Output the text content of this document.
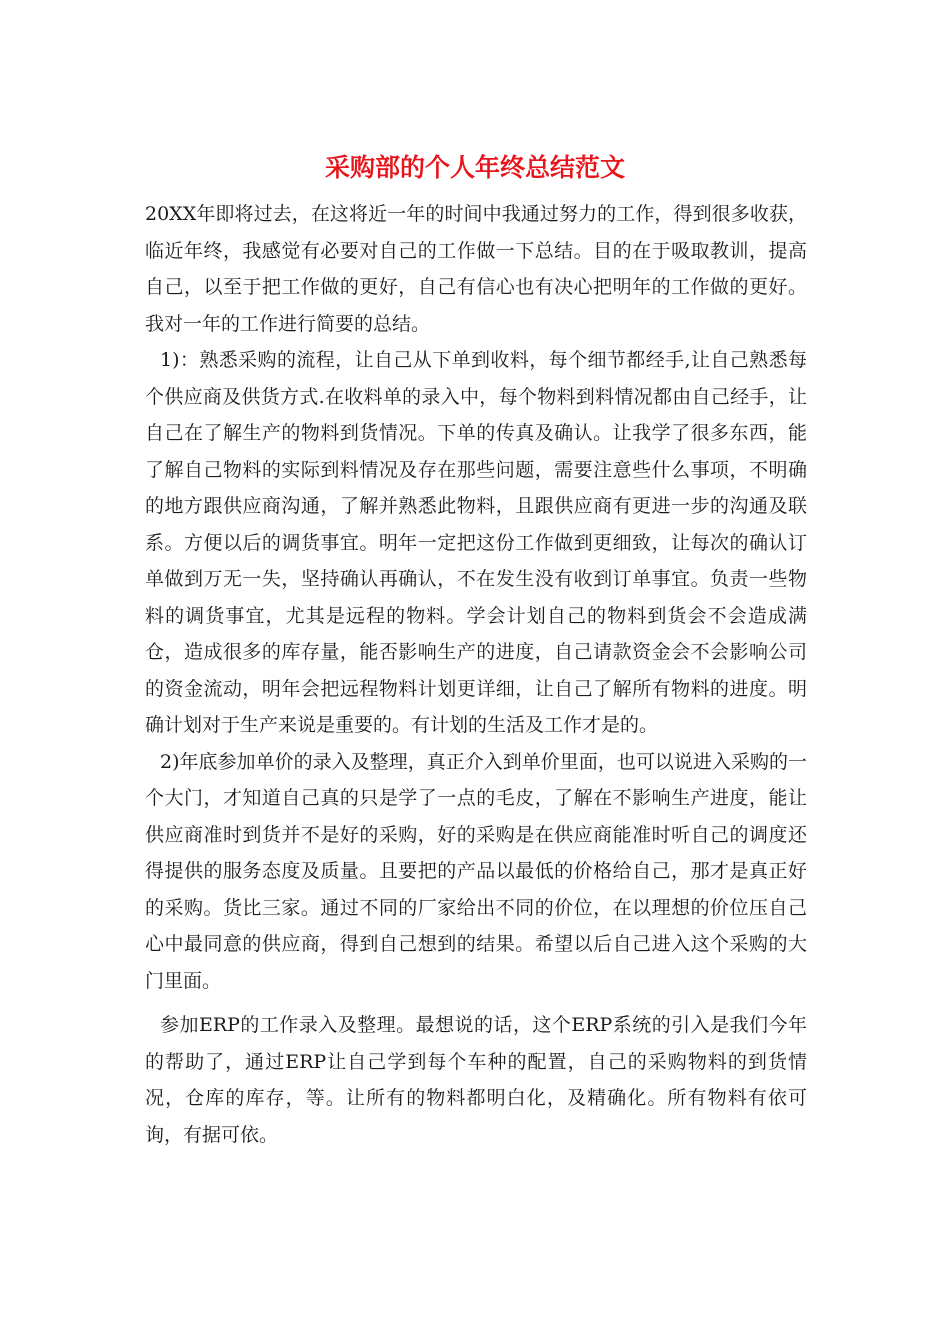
采购部的个人年终总结范文

20XX年即将过去，在这将近一年的时间中我通过努力的工作，得到很多收获，临近年终，我感觉有必要对自己的工作做一下总结。目的在于吸取教训，提高自己，以至于把工作做的更好，自己有信心也有决心把明年的工作做的更好。我对一年的工作进行简要的总结。

1)：熟悉采购的流程，让自己从下单到收料，每个细节都经手,让自己熟悉每个供应商及供货方式.在收料单的录入中，每个物料到料情况都由自己经手，让自己在了解生产的物料到货情况。下单的传真及确认。让我学了很多东西，能了解自己物料的实际到料情况及存在那些问题，需要注意些什么事项，不明确的地方跟供应商沟通，了解并熟悉此物料，且跟供应商有更进一步的沟通及联系。方便以后的调货事宜。明年一定把这份工作做到更细致，让每次的确认订单做到万无一失，坚持确认再确认，不在发生没有收到订单事宜。负责一些物料的调货事宜，尤其是远程的物料。学会计划自己的物料到货会不会造成满仓，造成很多的库存量，能否影响生产的进度，自己请款资金会不会影响公司的资金流动，明年会把远程物料计划更详细，让自己了解所有物料的进度。明确计划对于生产来说是重要的。有计划的生活及工作才是的。

2)年底参加单价的录入及整理，真正介入到单价里面，也可以说进入采购的一个大门，才知道自己真的只是学了一点的毛皮，了解在不影响生产进度，能让供应商准时到货并不是好的采购，好的采购是在供应商能准时听自己的调度还得提供的服务态度及质量。且要把的产品以最低的价格给自己，那才是真正好的采购。货比三家。通过不同的厂家给出不同的价位，在以理想的价位压自己心中最同意的供应商，得到自己想到的结果。希望以后自己进入这个采购的大门里面。

参加ERP的工作录入及整理。最想说的话，这个ERP系统的引入是我们今年的帮助了，通过ERP让自己学到每个车种的配置，自己的采购物料的到货情况，仓库的库存，等。让所有的物料都明白化，及精确化。所有物料有依可询，有据可依。
